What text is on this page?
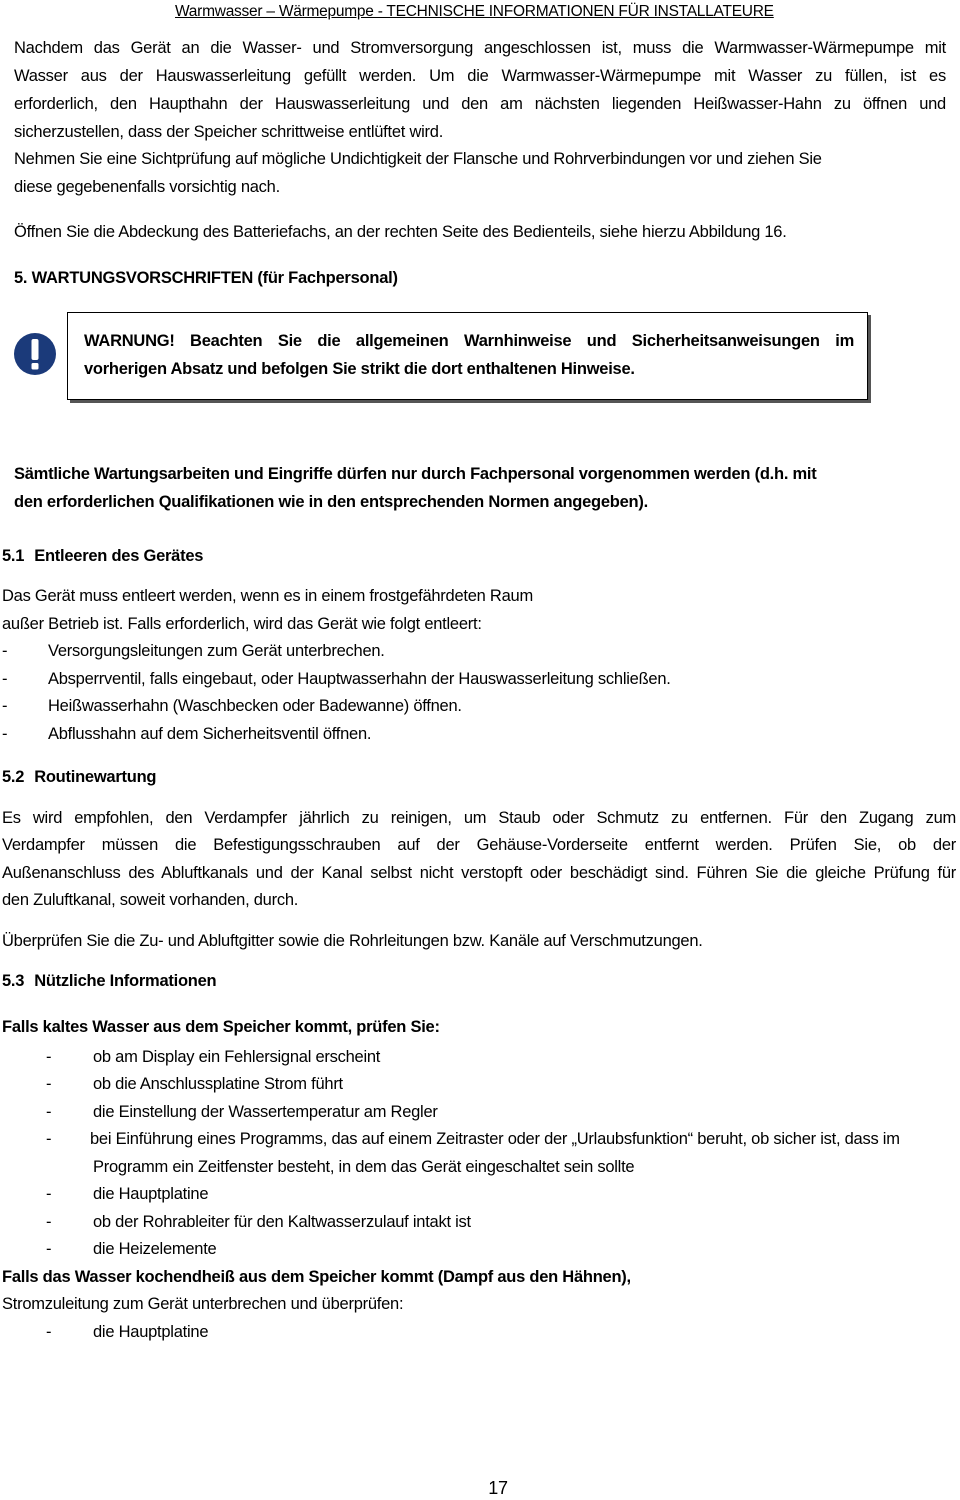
Warmwasser – Wärmepumpe - TECHNISCHE INFORMATIONEN FÜR INSTALLATEURE
Nachdem das Gerät an die Wasser- und Stromversorgung angeschlossen ist, muss die Warmwasser-Wärmepumpe mit
Wasser aus der Hauswasserleitung gefüllt werden. Um die Warmwasser-Wärmepumpe mit Wasser zu füllen, ist es
erforderlich, den Haupthahn der Hauswasserleitung und den am nächsten liegenden Heißwasser-Hahn zu öffnen und
sicherzustellen, dass der Speicher schrittweise entlüftet wird.
Nehmen Sie eine Sichtprüfung auf mögliche Undichtigkeit der Flansche und Rohrverbindungen vor und ziehen Sie
diese gegebenenfalls vorsichtig nach.
Öffnen Sie die Abdeckung des Batteriefachs, an der rechten Seite des Bedienteils, siehe hierzu Abbildung 16.
5. WARTUNGSVORSCHRIFTEN (für Fachpersonal)
WARNUNG! Beachten Sie die allgemeinen Warnhinweise und Sicherheitsanweisungen im
vorherigen Absatz und befolgen Sie strikt die dort enthaltenen Hinweise.
Sämtliche Wartungsarbeiten und Eingriffe dürfen nur durch Fachpersonal vorgenommen werden (d.h. mit
den erforderlichen Qualifikationen wie in den entsprechenden Normen angegeben).
5.1 Entleeren des Gerätes
Das Gerät muss entleert werden, wenn es in einem frostgefährdeten Raum
außer Betrieb ist. Falls erforderlich, wird das Gerät wie folgt entleert:
-	Versorgungsleitungen zum Gerät unterbrechen.
-	Absperrventil, falls eingebaut, oder Hauptwasserhahn der Hauswasserleitung schließen.
-	Heißwasserhahn (Waschbecken oder Badewanne) öffnen.
-	Abflusshahn auf dem Sicherheitsventil öffnen.
5.2 Routinewartung
Es wird empfohlen, den Verdampfer jährlich zu reinigen, um Staub oder Schmutz zu entfernen. Für den Zugang zum
Verdampfer müssen die Befestigungsschrauben auf der Gehäuse-Vorderseite entfernt werden. Prüfen Sie, ob der
Außenanschluss des Abluftkanals und der Kanal selbst nicht verstopft oder beschädigt sind. Führen Sie die gleiche Prüfung für
den Zuluftkanal, soweit vorhanden, durch.
Überprüfen Sie die Zu- und Abluftgitter sowie die Rohrleitungen bzw. Kanäle auf Verschmutzungen.
5.3 Nützliche Informationen
Falls kaltes Wasser aus dem Speicher kommt, prüfen Sie:
-	ob am Display ein Fehlersignal erscheint
-	ob die Anschlussplatine Strom führt
-	die Einstellung der Wassertemperatur am Regler
-	bei Einführung eines Programms, das auf einem Zeitraster oder der „Urlaubsfunktion“ beruht, ob sicher ist, dass im
Programm ein Zeitfenster besteht, in dem das Gerät eingeschaltet sein sollte
-	die Hauptplatine
-	ob der Rohrableiter für den Kaltwasserzulauf intakt ist
-	die Heizelemente
Falls das Wasser kochendheiß aus dem Speicher kommt (Dampf aus den Hähnen),
Stromzuleitung zum Gerät unterbrechen und überprüfen:
-	die Hauptplatine
17
